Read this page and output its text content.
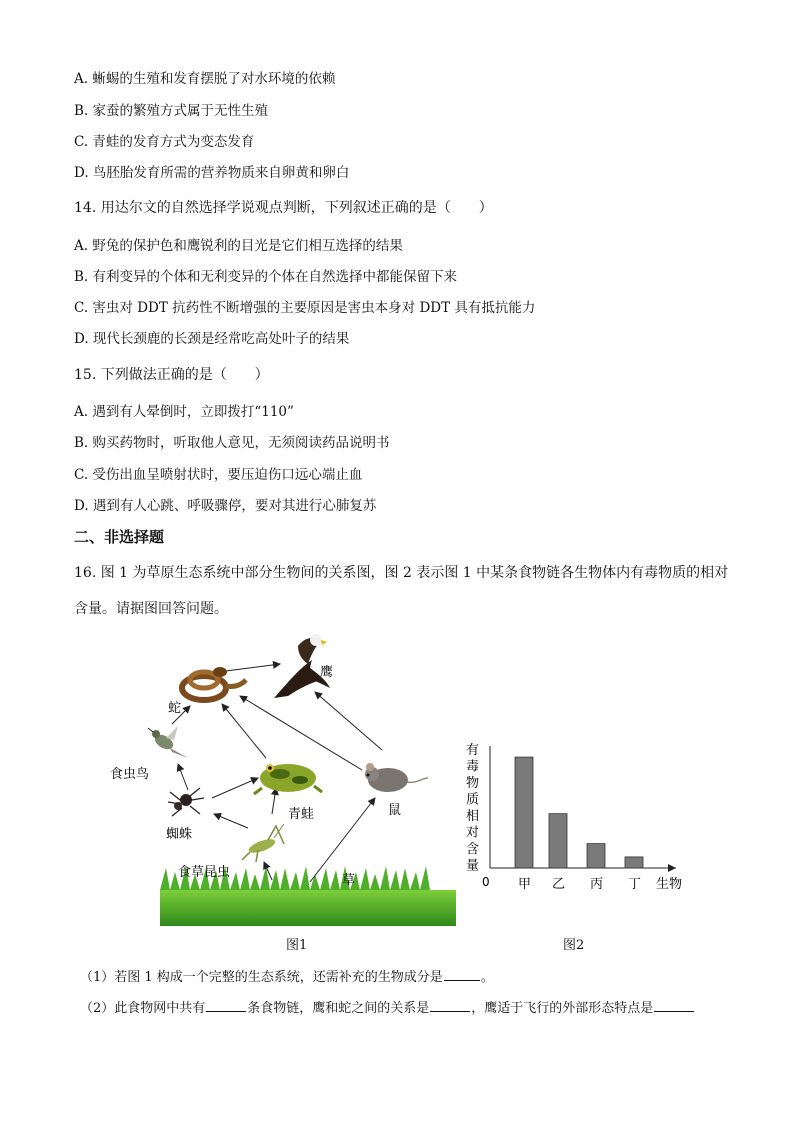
A. 蜥蜴的生殖和发育摆脱了对水环境的依赖
B. 家蚕的繁殖方式属于无性生殖
C. 青蛙的发育方式为变态发育
D. 鸟胚胎发育所需的营养物质来自卵黄和卵白
14. 用达尔文的自然选择学说观点判断，下列叙述正确的是（　　）
A. 野兔的保护色和鹰锐利的目光是它们相互选择的结果
B. 有利变异的个体和无利变异的个体在自然选择中都能保留下来
C. 害虫对 DDT 抗药性不断增强的主要原因是害虫本身对 DDT 具有抵抗能力
D. 现代长颈鹿的长颈是经常吃高处叶子的结果
15. 下列做法正确的是（　　）
A. 遇到有人晕倒时，立即拨打“110”
B. 购买药物时，听取他人意见，无须阅读药品说明书
C. 受伤出血呈喷射状时，要压迫伤口远心端止血
D. 遇到有人心跳、呼吸骤停，要对其进行心肺复苏
二、非选择题
16. 图 1 为草原生态系统中部分生物间的关系图，图 2 表示图 1 中某条食物链各生物体内有毒物质的相对
含量。请据图回答问题。
鹰
蛇
食虫鸟
青蛙	鼠
蜘蛛
食草昆虫
草
图1
有
毒
物
质
相
对
含
量
0	生物
甲 乙 丙 丁
图2
（1）若图 1 构成一个完整的生态系统，还需补充的生物成分是	。
（2）此食物网中共有	条食物链，鹰和蛇之间的关系是	，鹰适于飞行的外部形态特点是
